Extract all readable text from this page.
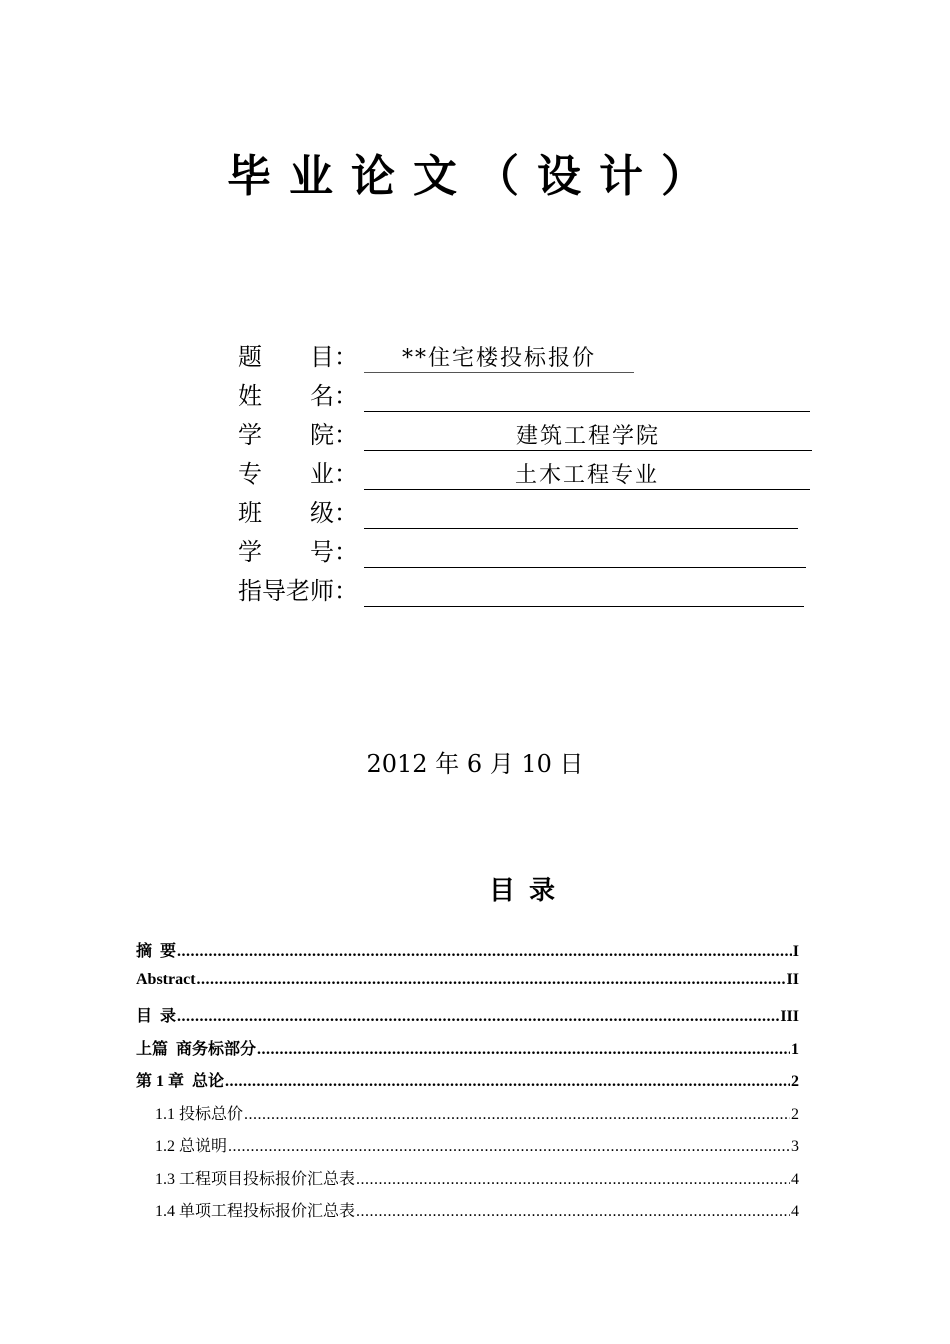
毕业论文（设计）
题　　目：	**住宅楼投标报价
姓　　名：
学　　院：	建筑工程学院
专　　业：	土木工程专业
班　　级：
学　　号：
指导老师：
2012 年 6 月 10 日
目录
摘  要 .....	I
Abstract .....	II
目  录 .....	III
上篇  商务标部分 .....	1
第 1 章  总论 .....	2
1.1 投标总价 .....	2
1.2 总说明 .....	3
1.3 工程项目投标报价汇总表 .....	4
1.4 单项工程投标报价汇总表 .....	4
